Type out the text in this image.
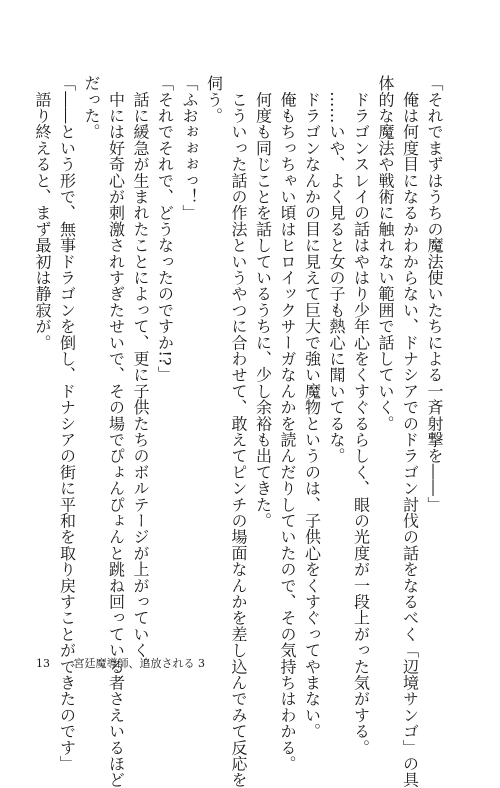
「それでまずはうちの魔法使いたちによる一斉射撃を――」
　俺は何度目になるかわからない、ドナシアでのドラゴン討伐の話をなるべく「辺境サンゴ」の具
体的な魔法や戦術に触れない範囲で話していく。
　ドラゴンスレイの話はやはり少年心をくすぐるらしく、眼の光度が一段上がった気がする。
　……いや、よく見ると女の子も熱心に聞いてるな。
　ドラゴンなんかの目に見えて巨大で強い魔物というのは、子供心をくすぐってやまない。
　俺もちっちゃい頃はヒロイックサーガなんかを読んだりしていたので、その気持ちはわかる。
　何度も同じことを話しているうちに、少し余裕も出てきた。
　こういった話の作法というやつに合わせて、敢えてピンチの場面なんかを差し込んでみて反応を
伺う。
「ふおぉぉぉっ！」
「それでそれで、どうなったのですか!?」
　話に緩急が生まれたことによって、更に子供たちのボルテージが上がっていく。
　中には好奇心が刺激されすぎたせいで、その場でぴょんぴょんと跳ね回っている者さえいるほど
だった。
「――という形で、無事ドラゴンを倒し、ドナシアの街に平和を取り戻すことができたのです」
　語り終えると、まず最初は静寂が。
13 宮廷魔導師、追放される 3
